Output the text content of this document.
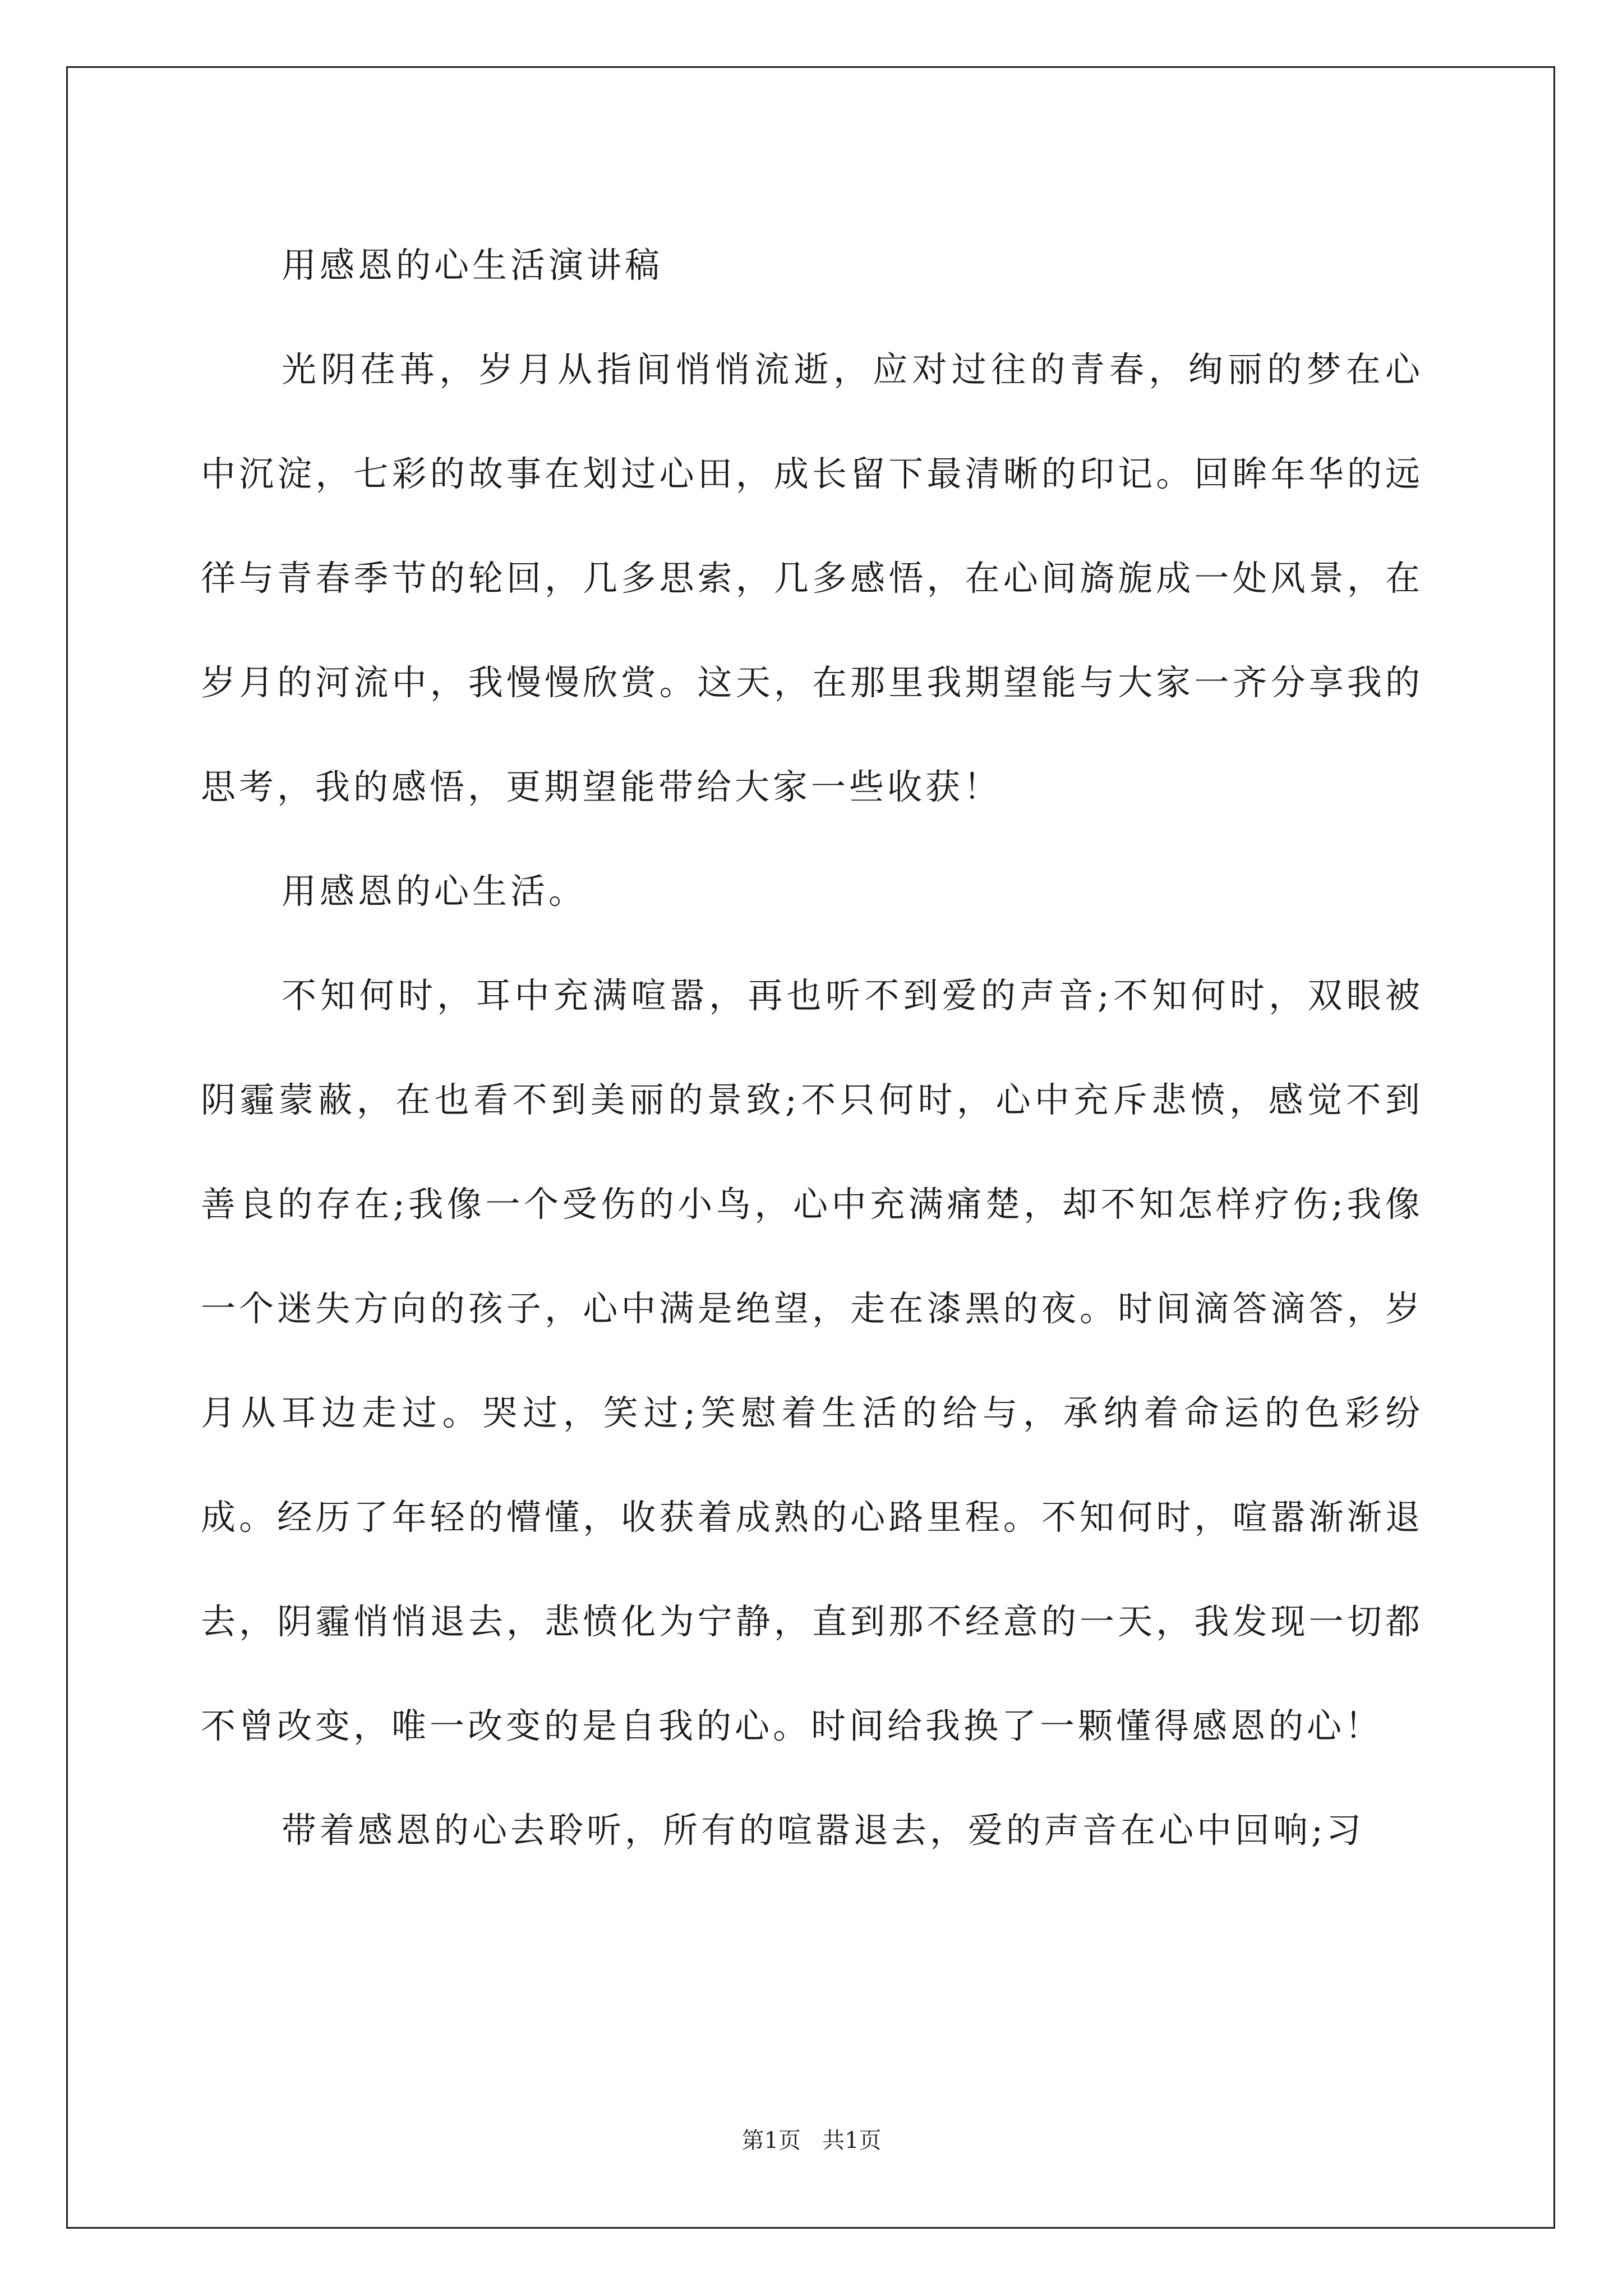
用感恩的心生活演讲稿

光阴荏苒，岁月从指间悄悄流逝，应对过往的青春，绚丽的梦在心中沉淀，七彩的故事在划过心田，成长留下最清晰的印记。回眸年华的远徉与青春季节的轮回，几多思索，几多感悟，在心间旖旎成一处风景，在岁月的河流中，我慢慢欣赏。这天，在那里我期望能与大家一齐分享我的思考，我的感悟，更期望能带给大家一些收获！

用感恩的心生活。

不知何时，耳中充满喧嚣，再也听不到爱的声音;不知何时，双眼被阴霾蒙蔽，在也看不到美丽的景致;不只何时，心中充斥悲愤，感觉不到善良的存在;我像一个受伤的小鸟，心中充满痛楚，却不知怎样疗伤;我像一个迷失方向的孩子，心中满是绝望，走在漆黑的夜。时间滴答滴答，岁月从耳边走过。哭过，笑过;笑慰着生活的给与，承纳着命运的色彩纷成。经历了年轻的懵懂，收获着成熟的心路里程。不知何时，喧嚣渐渐退去，阴霾悄悄退去，悲愤化为宁静，直到那不经意的一天，我发现一切都不曾改变，唯一改变的是自我的心。时间给我换了一颗懂得感恩的心！

带着感恩的心去聆听，所有的喧嚣退去，爱的声音在心中回响;习

第1页 共1页
